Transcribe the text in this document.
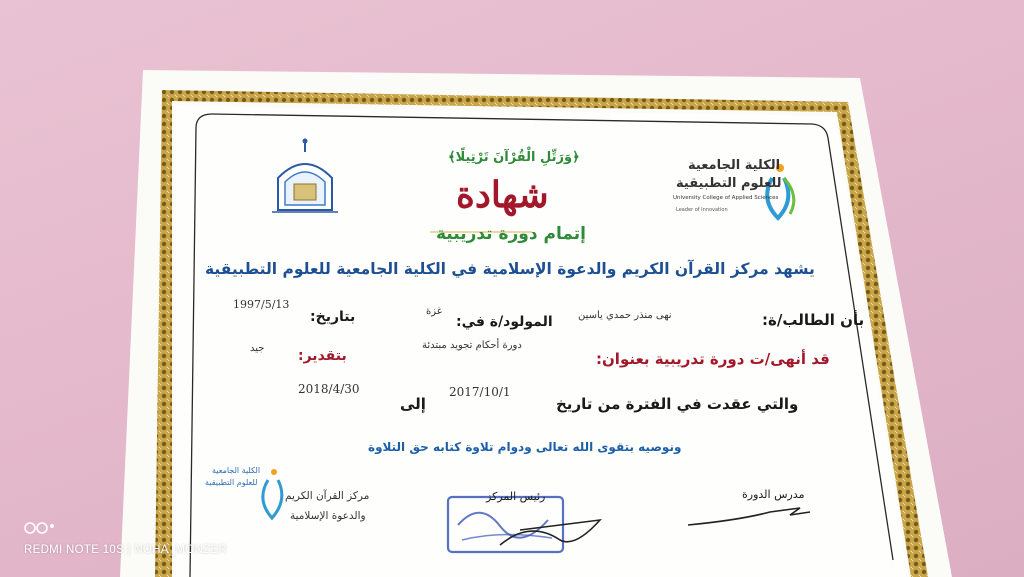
﴿وَرَتِّلِ الْقُرْآنَ تَرْتِيلًا﴾
شهادة
إتمام دورة تدريبية
الكلية الجامعية
للعلوم التطبيقية
University College of Applied Sciences
Leader of Innovation
يشهد مركز القرآن الكريم والدعوة الإسلامية في الكلية الجامعية للعلوم التطبيقية
بأن الطالب/ة:
نهى منذر حمدي ياسين
المولود/ة في:
غزة
بتاريخ:
1997/5/13
قد أنهى/ت دورة تدريبية بعنوان:
دورة أحكام تجويد مبتدئة
بتقدير:
جيد
والتي عقدت في الفترة من تاريخ
2017/10/1
إلى
2018/4/30
ونوصيه بتقوى الله تعالى ودوام تلاوة كتابه حق التلاوة
الكلية الجامعية
للعلوم التطبيقية
مركز القرآن الكريم
والدعوة الإسلامية
رئيس المركز	مدرس الدورة
REDMI NOTE 10S | NOHA_MONZER
